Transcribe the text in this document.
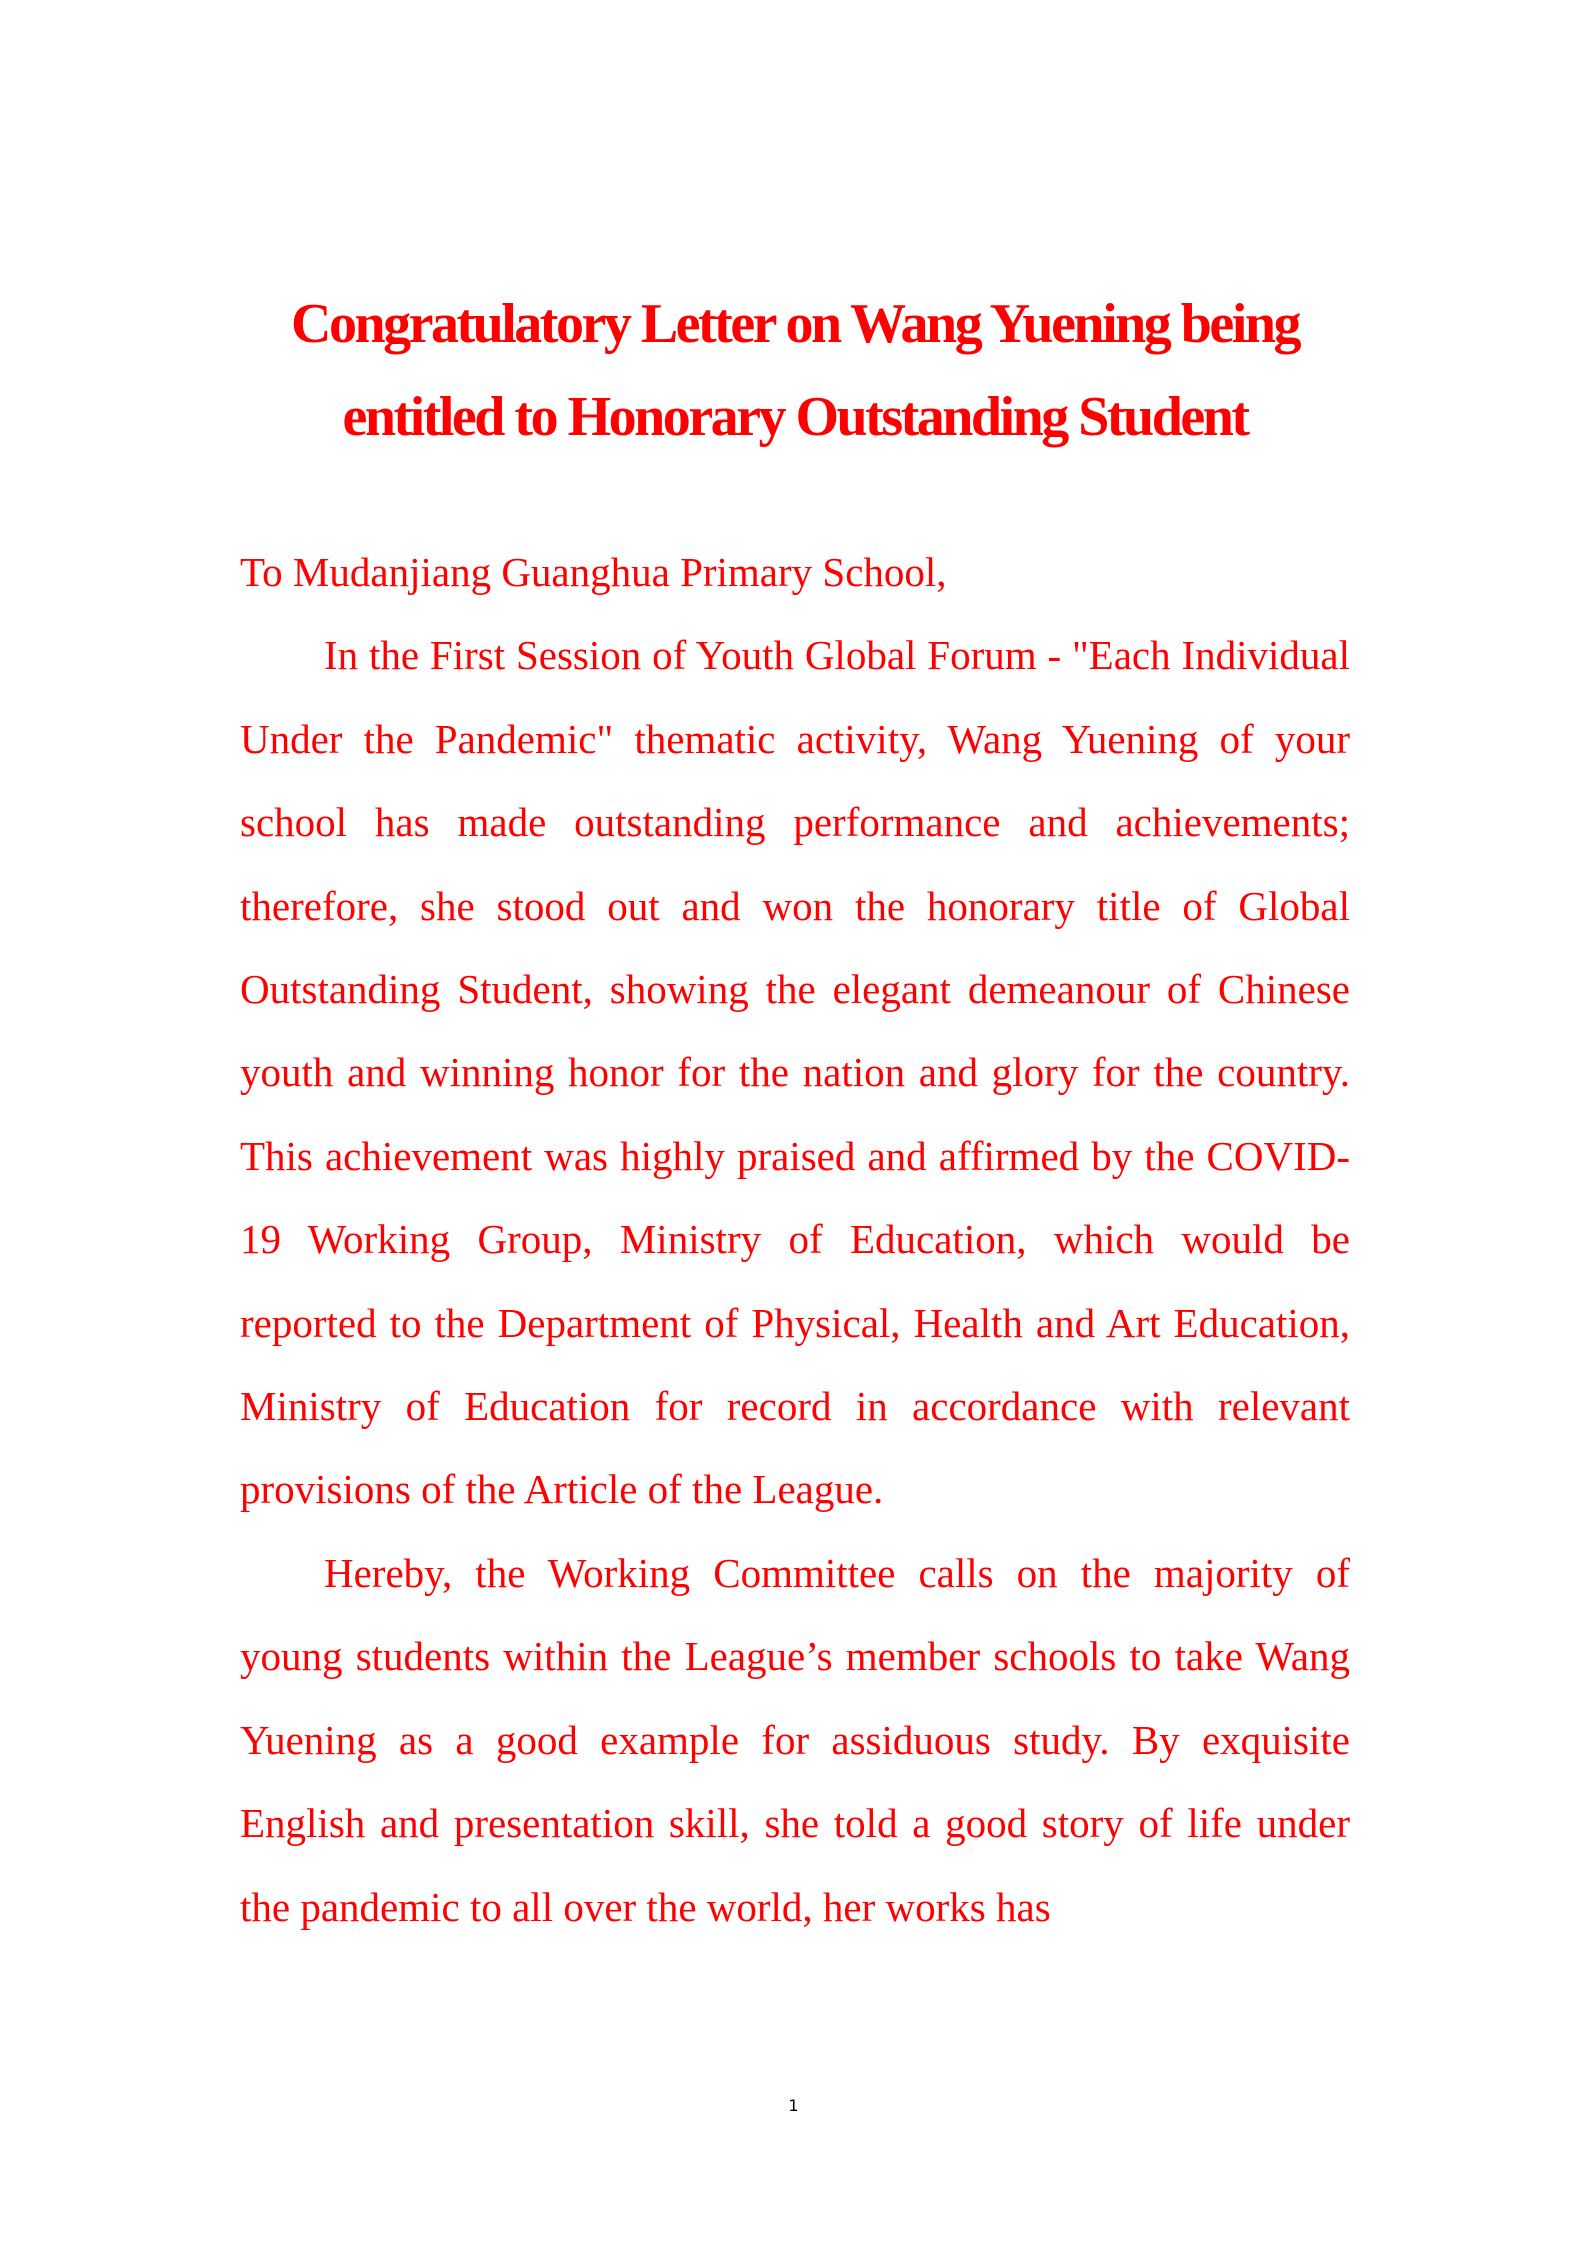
Congratulatory Letter on Wang Yuening being
entitled to Honorary Outstanding Student

To Mudanjiang Guanghua Primary School,

In the First Session of Youth Global Forum - "Each Individual Under the Pandemic" thematic activity, Wang Yuening of your school has made outstanding performance and achievements; therefore, she stood out and won the honorary title of Global Outstanding Student, showing the elegant demeanour of Chinese youth and winning honor for the nation and glory for the country. This achievement was highly praised and affirmed by the COVID-19 Working Group, Ministry of Education, which would be reported to the Department of Physical, Health and Art Education, Ministry of Education for record in accordance with relevant provisions of the Article of the League.

Hereby, the Working Committee calls on the majority of young students within the League’s member schools to take Wang Yuening as a good example for assiduous study. By exquisite English and presentation skill, she told a good story of life under the pandemic to all over the world, her works has

1
